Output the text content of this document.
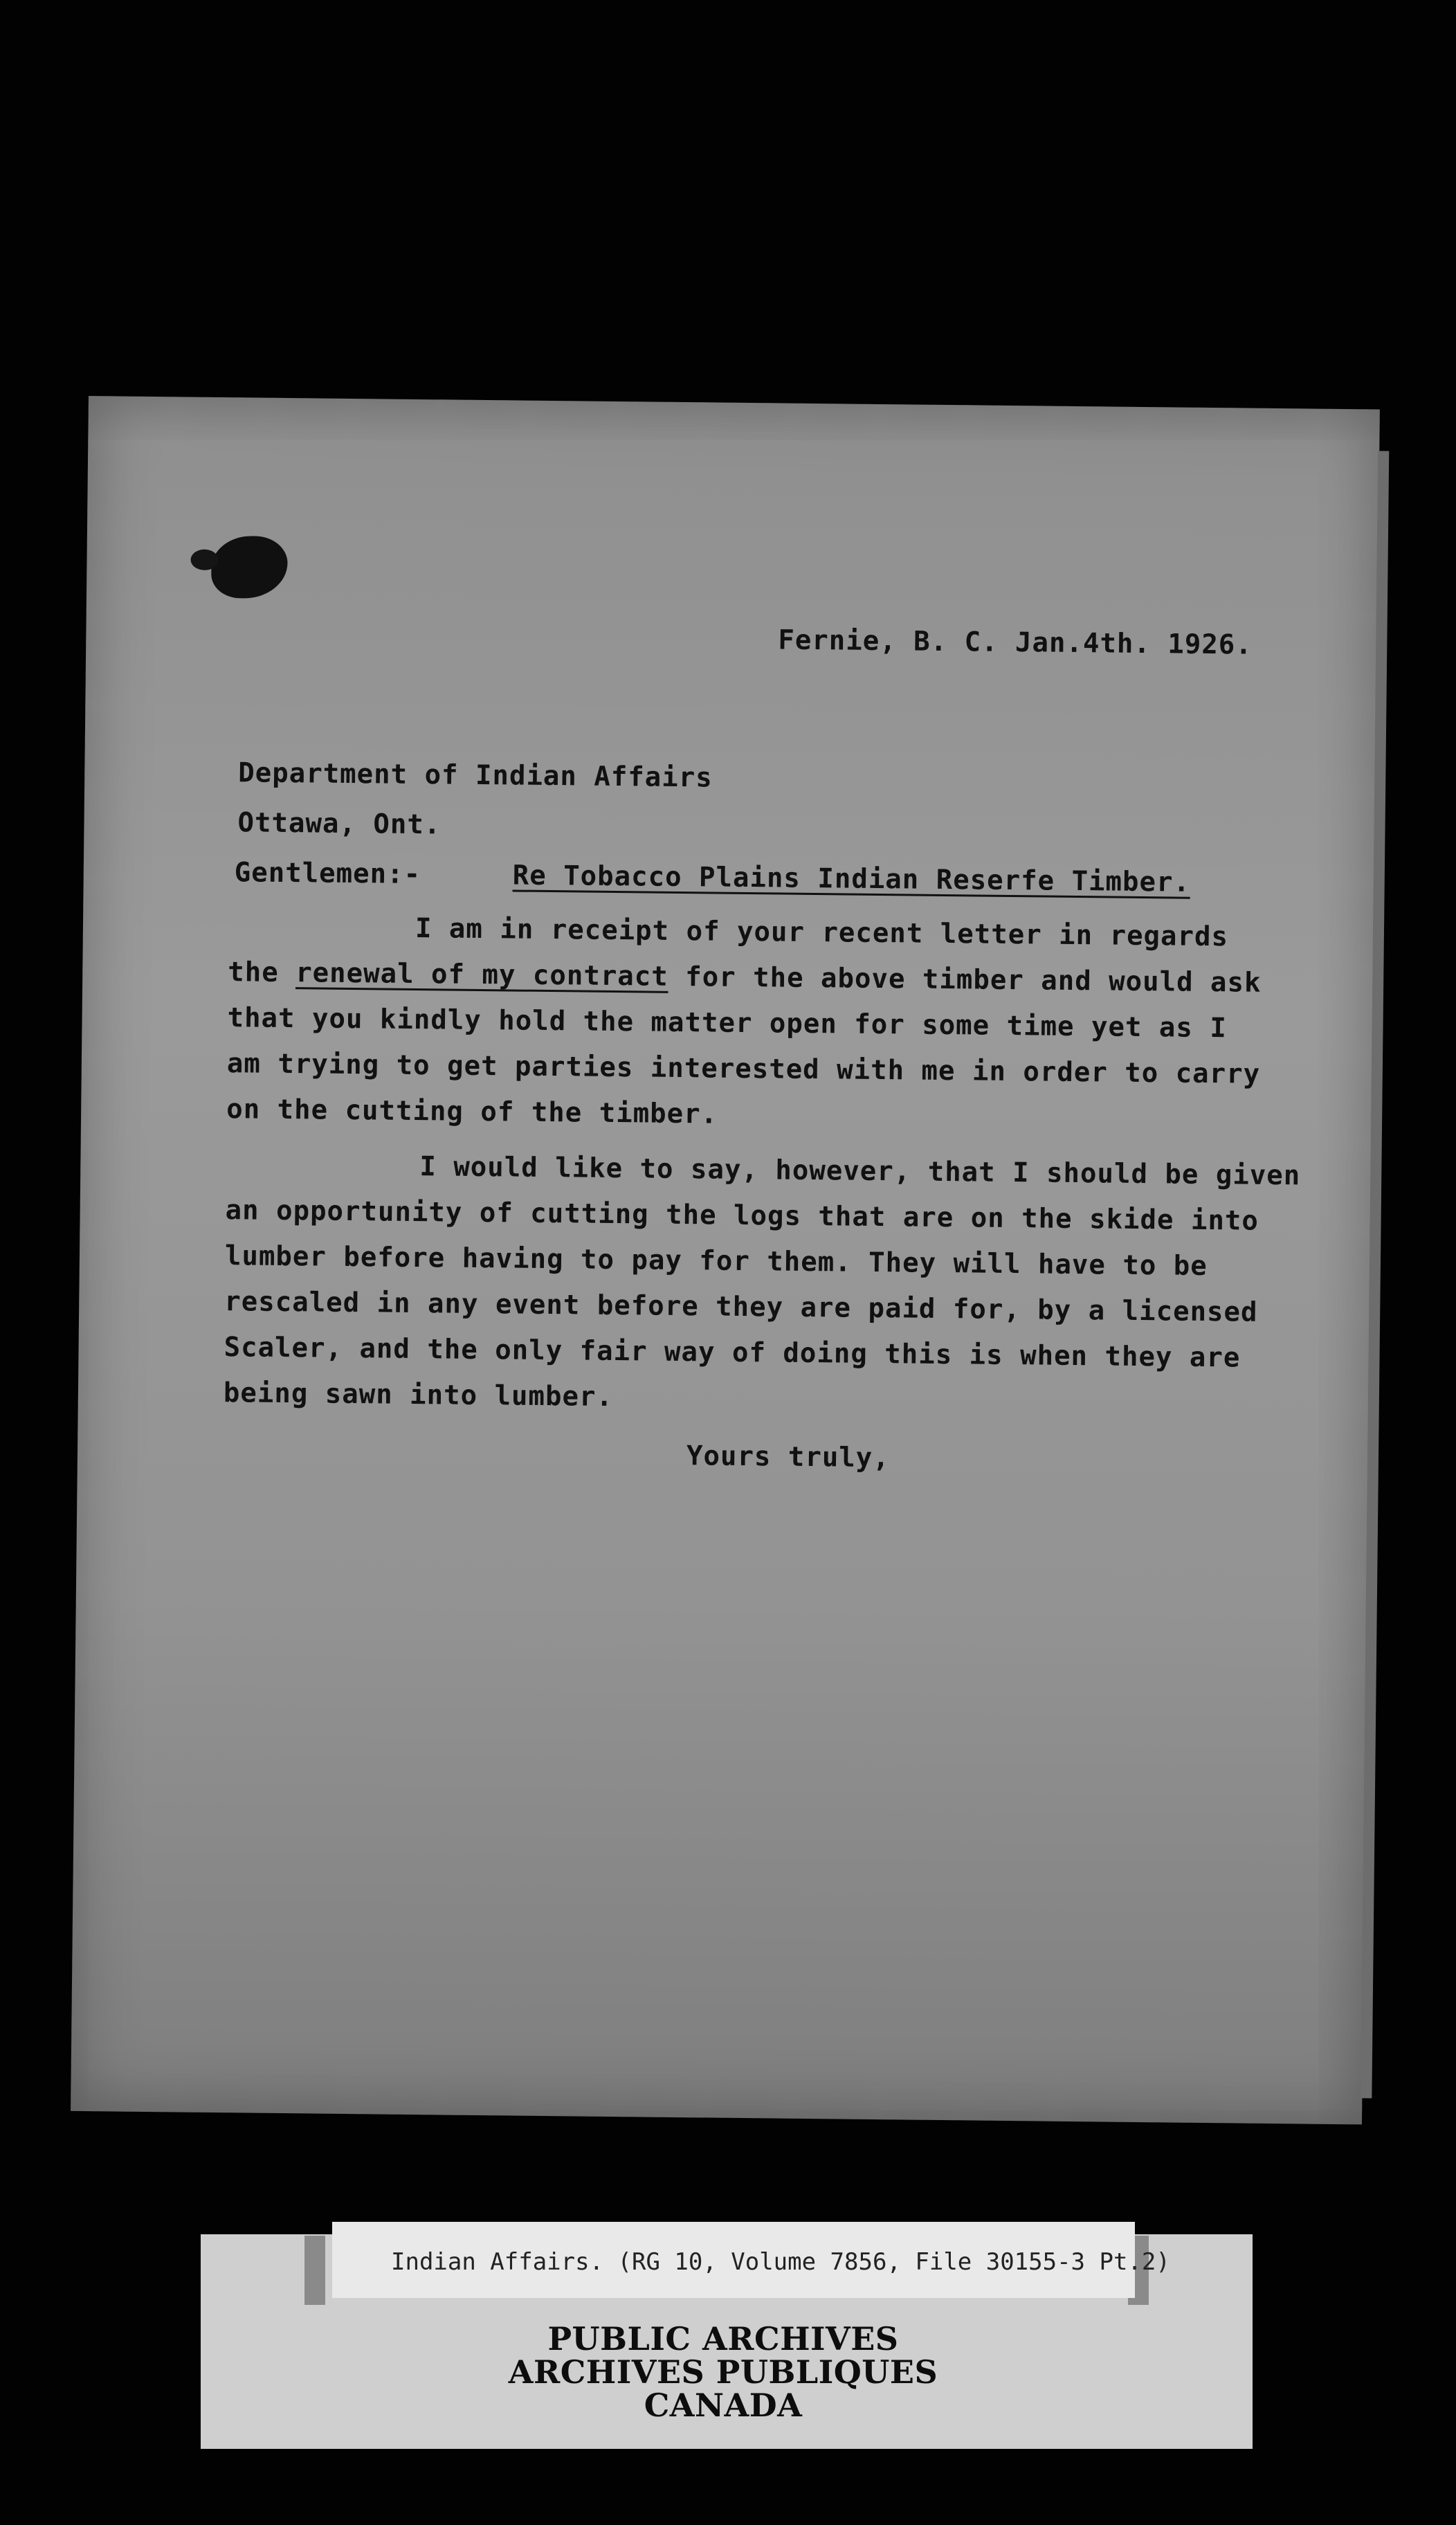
Fernie, B. C. Jan.4th. 1926.
Department of Indian Affairs
Ottawa, Ont.
Gentlemen:-	Re Tobacco Plains Indian Reserfe Timber.
I am in receipt of your recent letter in regards
the renewal of my contract for the above timber and would ask
that you kindly hold the matter open for some time yet as I
am trying to get parties interested with me in order to carry
on the cutting of the timber.
I would like to say, however, that I should be given
an opportunity of cutting the logs that are on the skide into
lumber before having to pay for them. They will have to be
rescaled in any event before they are paid for, by a licensed
Scaler, and the only fair way of doing this is when they are
being sawn into lumber.
Yours truly,
Indian Affairs. (RG 10, Volume 7856, File 30155-3 Pt.2)
PUBLIC ARCHIVES
ARCHIVES PUBLIQUES
CANADA
